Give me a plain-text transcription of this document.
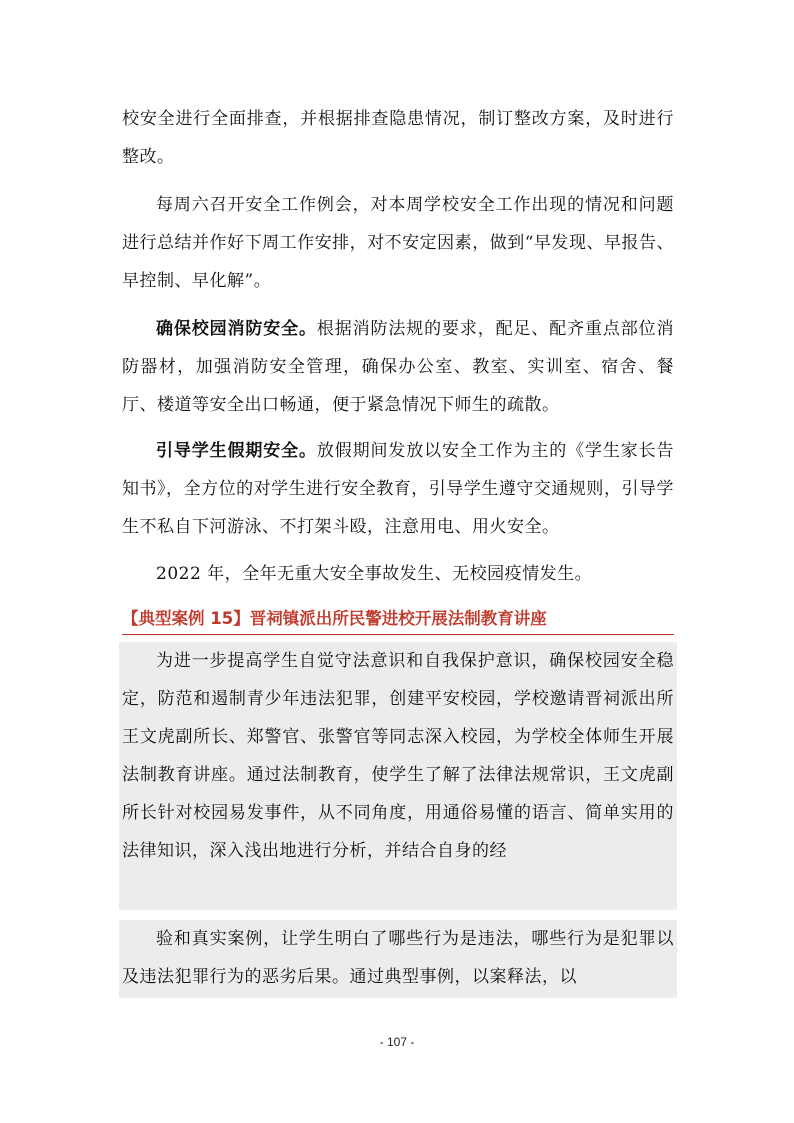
校安全进行全面排查，并根据排查隐患情况，制订整改方案，及时进行整改。

每周六召开安全工作例会，对本周学校安全工作出现的情况和问题进行总结并作好下周工作安排，对不安定因素，做到“早发现、早报告、早控制、早化解”。

确保校园消防安全。根据消防法规的要求，配足、配齐重点部位消防器材，加强消防安全管理，确保办公室、教室、实训室、宿舍、餐厅、楼道等安全出口畅通，便于紧急情况下师生的疏散。

引导学生假期安全。放假期间发放以安全工作为主的《学生家长告知书》，全方位的对学生进行安全教育，引导学生遵守交通规则，引导学生不私自下河游泳、不打架斗殴，注意用电、用火安全。

2022 年，全年无重大安全事故发生、无校园疫情发生。

【典型案例 15】晋祠镇派出所民警进校开展法制教育讲座

为进一步提高学生自觉守法意识和自我保护意识，确保校园安全稳定，防范和遏制青少年违法犯罪，创建平安校园，学校邀请晋祠派出所王文虎副所长、郑警官、张警官等同志深入校园，为学校全体师生开展法制教育讲座。通过法制教育，使学生了解了法律法规常识，王文虎副所长针对校园易发事件，从不同角度，用通俗易懂的语言、简单实用的法律知识，深入浅出地进行分析，并结合自身的经

验和真实案例，让学生明白了哪些行为是违法，哪些行为是犯罪以及违法犯罪行为的恶劣后果。通过典型事例，以案释法，以

- 107 -
